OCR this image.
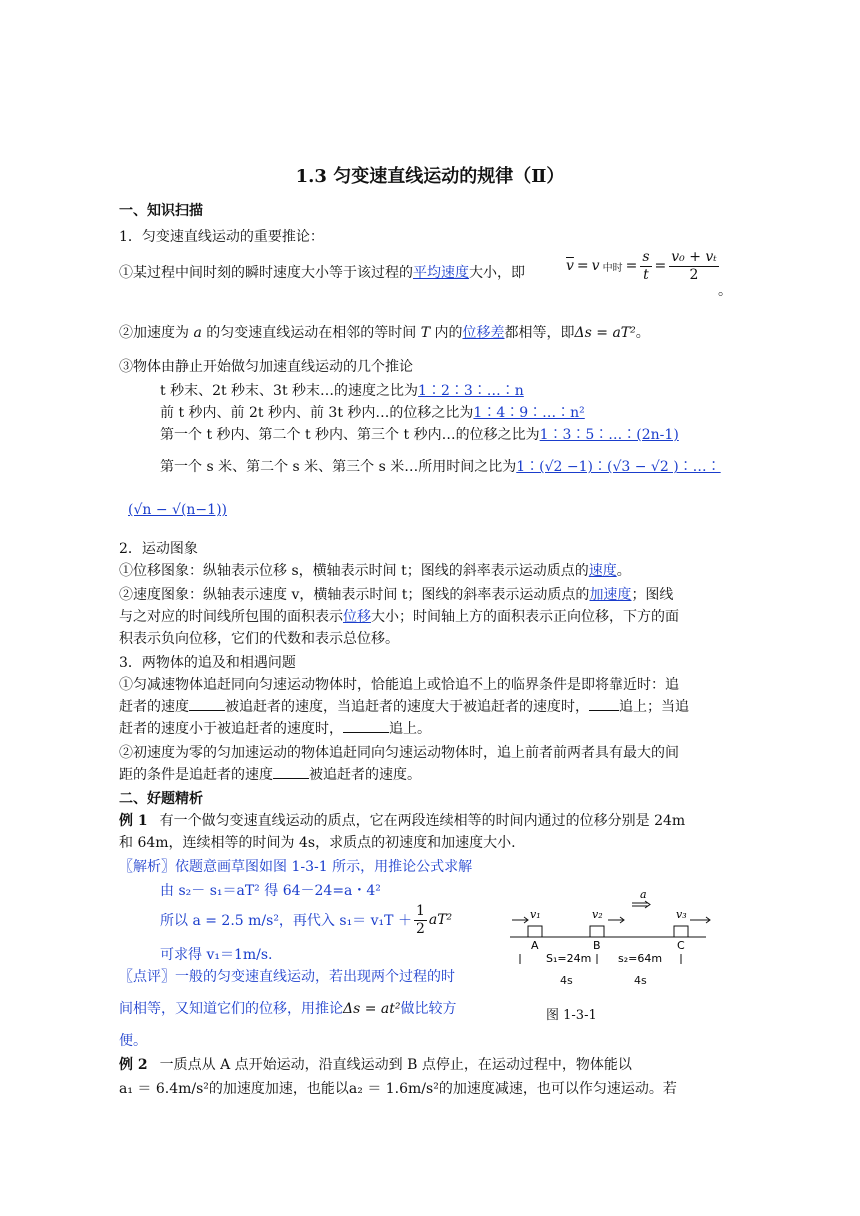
1.3 匀变速直线运动的规律（Ⅱ）
一、知识扫描
1．匀变速直线运动的重要推论：
①某过程中间时刻的瞬时速度大小等于该过程的平均速度大小，即	$\overline{v} = v$ 中时 = $\frac{s}{t} = \frac{\text{v₀ + vₜ}}{2}$
。
②加速度为 a 的匀变速直线运动在相邻的等时间 T 内的位移差都相等，即Δs = aT²。
③物体由静止开始做匀加速直线运动的几个推论
t 秒末、2t 秒末、3t 秒末…的速度之比为1∶2∶3∶…∶n
前 t 秒内、前 2t 秒内、前 3t 秒内…的位移之比为1∶4∶9∶…∶n²
第一个 t 秒内、第二个 t 秒内、第三个 t 秒内…的位移之比为1∶3∶5∶…∶(2n-1)
第一个 s 米、第二个 s 米、第三个 s 米…所用时间之比为1∶(√2 −1)∶(√3 − √2 )∶…∶
(√n − √(n−1))
2．运动图象
①位移图象：纵轴表示位移 s，横轴表示时间 t；图线的斜率表示运动质点的速度。
②速度图象：纵轴表示速度 v，横轴表示时间 t；图线的斜率表示运动质点的加速度；图线
与之对应的时间线所包围的面积表示位移大小；时间轴上方的面积表示正向位移，下方的面
积表示负向位移，它们的代数和表示总位移。
3．两物体的追及和相遇问题
①匀减速物体追赶同向匀速运动物体时，恰能追上或恰追不上的临界条件是即将靠近时：追
赶者的速度	被追赶者的速度，当追赶者的速度大于被追赶者的速度时， 追上；当追
赶者的速度小于被追赶者的速度时，	追上。
②初速度为零的匀加速运动的物体追赶同向匀速运动物体时，追上前者前两者具有最大的间
距的条件是追赶者的速度	被追赶者的速度。
二、好题精析
例 1 有一个做匀变速直线运动的质点，它在两段连续相等的时间内通过的位移分别是 24m
和 64m，连续相等的时间为 4s，求质点的初速度和加速度大小.
〖解析〗依题意画草图如图 1-3-1 所示，用推论公式求解
由 s₂－ s₁＝aT² 得 64－24=a・4²
所以 a = 2.5 m/s²，再代入 $s_1= v_1T + \frac{1}{2} aT^2$
可求得 v₁＝1m/s.
〖点评〗一般的匀变速直线运动，若出现两个过程的时
间相等，又知道它们的位移，用推论Δs = at²做比较方
便。
a
v₁	v₂	v₃
A	B	C
S₁=24m s₂=64m
4s	4s
图 1-3-1
例 2 一质点从 A 点开始运动，沿直线运动到 B 点停止，在运动过程中，物体能以
a₁ ＝ 6.4m/s²的加速度加速，也能以a₂ ＝ 1.6m/s²的加速度减速，也可以作匀速运动。若
